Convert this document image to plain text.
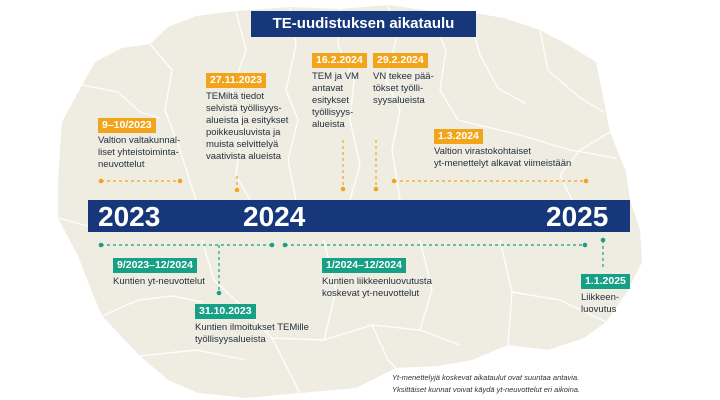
TE-uudistuksen aikataulu
9–10/2023
Valtion valtakunnal-
liset yhteistoiminta-
neuvottelut
27.11.2023
TEMiltä tiedot
selvistä työllisyys-
alueista ja esitykset
poikkeusluvista ja
muista selvittelyä
vaativista alueista
16.2.2024
TEM ja VM
antavat
esitykset
työllisyys-
alueista
29.2.2024
VN tekee pää-
tökset työlli-
syysalueista
1.3.2024
Valtion virastokohtaiset
yt-menettelyt alkavat viimeistään
2023	2024	2025
9/2023–12/2024
Kuntien yt-neuvottelut
31.10.2023
Kuntien ilmoitukset TEMille
työllisyysalueista
1/2024–12/2024
Kuntien liikkeenluovutusta
koskevat yt-neuvottelut
1.1.2025
Liikkeen-
luovutus
Yt-menettelyjä koskevat aikataulut ovat suuntaa antavia.
Yksittäiset kunnat voivat käydä yt-neuvottelut eri aikoina.
